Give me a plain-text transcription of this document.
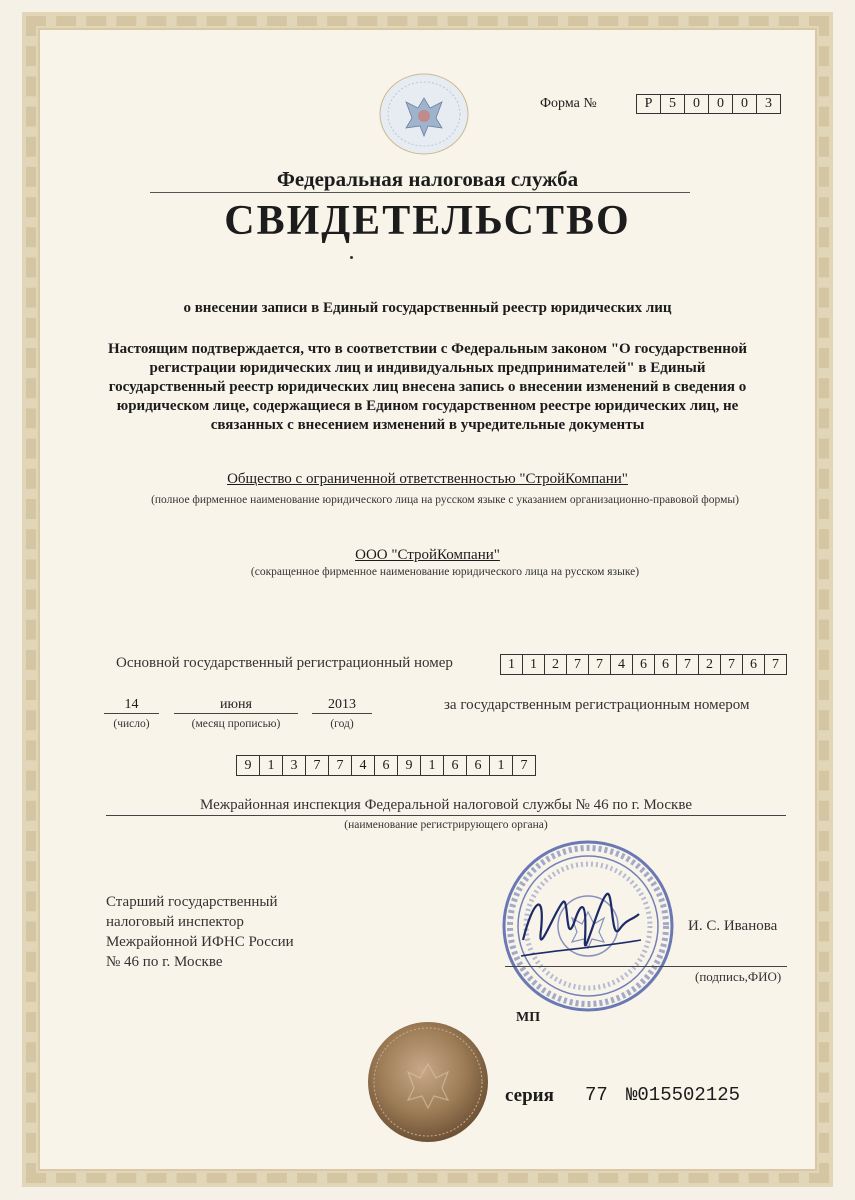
Форма №	Р	5	0	0	0	3
Федеральная налоговая служба
СВИДЕТЕЛЬСТВО
о внесении записи в Единый государственный реестр юридических лиц
Настоящим подтверждается, что в соответствии с Федеральным законом "О государственной регистрации юридических лиц и индивидуальных предпринимателей" в Единый государственный реестр юридических лиц внесена запись о внесении изменений в сведения о юридическом лице, содержащиеся в Едином государственном реестре юридических лиц, не связанных с внесением изменений в учредительные документы
Общество с ограниченной ответственностью "СтройКомпани"
(полное фирменное наименование юридического лица на русском языке с указанием организационно-правовой формы)
ООО "СтройКомпани"
(сокращенное фирменное наименование юридического лица на русском языке)
Основной государственный регистрационный номер	1	1	2	7	7	4	6	6	7	2	7	6	7
14	июня	2013
(число)	(месяц прописью)	(год)
за государственным регистрационным номером
9	1	3	7	7	4	6	9	1	6	6	1	7
Межрайонная инспекция Федеральной налоговой службы № 46 по г. Москве
(наименование регистрирующего органа)
Старший государственный
налоговый инспектор
Межрайонной ИФНС России
№ 46 по г. Москве
И. С. Иванова
(подпись,ФИО)
МП
серия 77 №015502125
